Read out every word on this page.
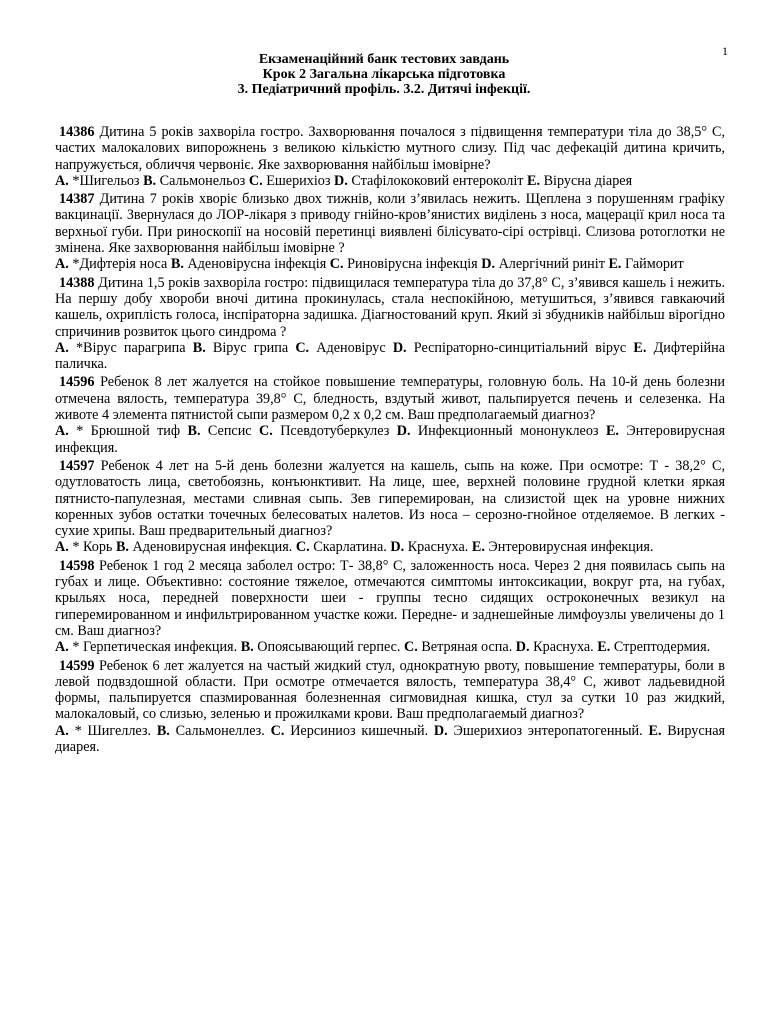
1
Екзаменаційний банк тестових завдань
Крок 2 Загальна лікарська підготовка
3. Педіатричний профіль. 3.2. Дитячі інфекції.

14386 Дитина 5 років захворіла гостро. Захворювання почалося з підвищення температури тіла до 38,5° С, частих малокалових випорожнень з великою кількістю мутного слизу. Під час дефекацій дитина кричить, напружується, обличчя червоніє. Яке захворювання найбільш імовірне?

A. *Шигельоз B. Сальмонельоз C. Ешерихіоз D. Стафілококовий ентероколіт E. Вірусна діарея

14387 Дитина 7 років хворіє близько двох тижнів, коли з’явилась нежить. Щеплена з порушенням графіку вакцинації. Звернулася до ЛОР-лікаря з приводу гнійно-кров’янистих виділень з носа, мацерації крил носа та верхньої губи. При риноскопії на носовій перетинці виявлені білісувато-сірі острівці. Слизова ротоглотки не змінена. Яке захворювання найбільш імовірне ?

A. *Дифтерія носа B. Аденовірусна інфекція C. Риновірусна інфекція D. Алергічний риніт E. Гайморит

14388 Дитина 1,5 років захворіла гостро: підвищилася температура тіла до 37,8° С, з’явився кашель і нежить. На першу добу хвороби вночі дитина прокинулась, стала неспокійною, метушиться, з’явився гавкаючий кашель, охриплість голоса, інспіраторна задишка. Діагностований круп. Який зі збудників найбільш вірогідно спричинив розвиток цього синдрома ?

A. *Вірус парагрипа B. Вірус грипа C. Аденовірус D. Респіраторно-синцитіальний вірус E. Дифтерійна паличка.

14596 Ребенок 8 лет жалуется на стойкое повышение температуры, головную боль. На 10-й день болезни отмечена вялость, температура 39,8° С, бледность, вздутый живот, пальпируется печень и селезенка. На животе 4 элемента пятнистой сыпи размером 0,2 х 0,2 см. Ваш предполагаемый диагноз?

A. * Брюшной тиф B. Сепсис C. Псевдотуберкулез D. Инфекционный мононуклеоз E. Энтеровирусная инфекция.

14597 Ребенок 4 лет на 5-й день болезни жалуется на кашель, сыпь на коже. При осмотре: Т - 38,2° С, одутловатость лица, светобоязнь, конъюнктивит. На лице, шее, верхней половине грудной клетки яркая пятнисто-папулезная, местами сливная сыпь. Зев гиперемирован, на слизистой щек на уровне нижних коренных зубов остатки точечных белесоватых налетов. Из носа – серозно-гнойное отделяемое. В легких - сухие хрипы. Ваш предварительный диагноз?

A. * Корь B. Аденовирусная инфекция. C. Скарлатина. D. Краснуха. E. Энтеровирусная инфекция.

14598 Ребенок 1 год 2 месяца заболел остро: Т- 38,8° С, заложенность носа. Через 2 дня появилась сыпь на губах и лице. Объективно: состояние тяжелое, отмечаются симптомы интоксикации, вокруг рта, на губах, крыльях носа, передней поверхности шеи - группы тесно сидящих остроконечных везикул на гиперемированном и инфильтрированном участке кожи. Передне- и заднешейные лимфоузлы увеличены до 1 см. Ваш диагноз?

A. * Герпетическая инфекция. B. Опоясывающий герпес. C. Ветряная оспа. D. Краснуха. E. Стрептодермия.

14599 Ребенок 6 лет жалуется на частый жидкий стул, однократную рвоту, повышение температуры, боли в левой подвздошной области. При осмотре отмечается вялость, температура 38,4° С, живот ладьевидной формы, пальпируется спазмированная болезненная сигмовидная кишка, стул за сутки 10 раз жидкий, малокаловый, со слизью, зеленью и прожилками крови. Ваш предполагаемый диагноз?

A. * Шигеллез. B. Сальмонеллез. C. Иерсиниоз кишечный. D. Эшерихиоз энтеропатогенный. E. Вирусная диарея.
